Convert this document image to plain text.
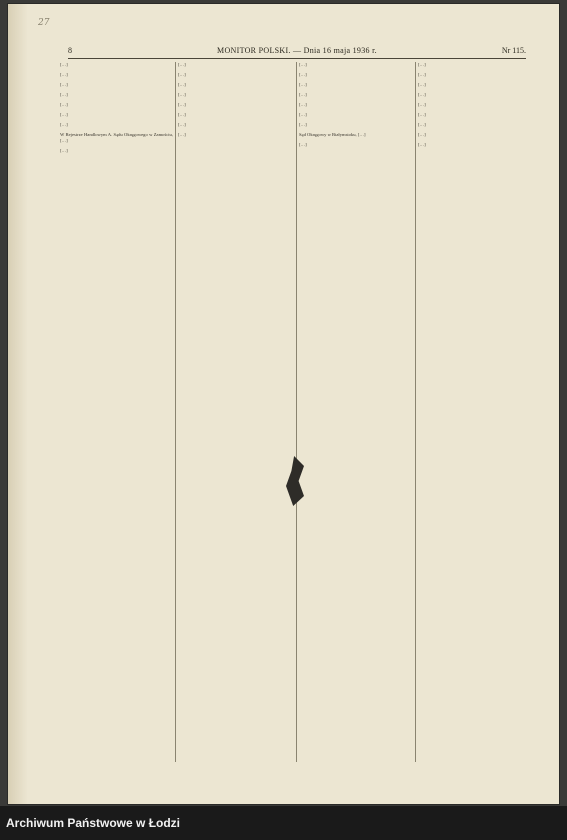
27
8	MONITOR POLSKI. — Dnia 16 maja 1936 r.	Nr 115.
[…]
[…]
[…]
[…]
[…]
[…]
[…]
W Rejestrze Handlowym A. Sądu Okręgowego w Zamościu, […]
[…]
[…]
[…]
[…]
[…]
[…]
[…]
[…]
[…]
[…]
[…]
[…]
[…]
[…]
[…]
[…]
Sąd Okręgowy w Białymstoku, […]
[…]
[…]
[…]
[…]
[…]
[…]
[…]
[…]
[…]
[…]
Archiwum Państwowe w Łodzi
